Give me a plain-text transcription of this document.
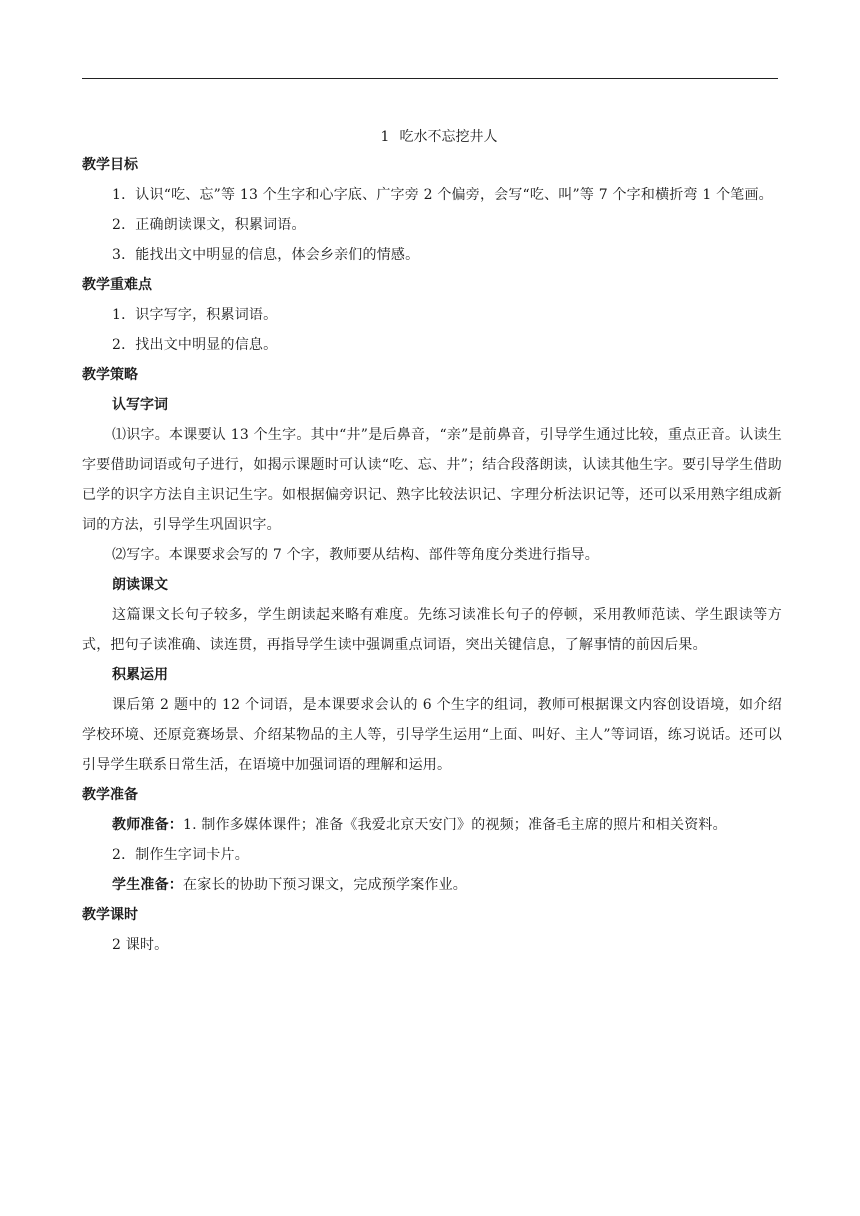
1 吃水不忘挖井人
教学目标

1．认识“吃、忘”等 13 个生字和心字底、广字旁 2 个偏旁，会写“吃、叫”等 7 个字和横折弯 1 个笔画。

2．正确朗读课文，积累词语。

3．能找出文中明显的信息，体会乡亲们的情感。

教学重难点

1．识字写字，积累词语。

2．找出文中明显的信息。

教学策略
认写字词

⑴识字。本课要认 13 个生字。其中“井”是后鼻音，“亲”是前鼻音，引导学生通过比较，重点正音。认读生字要借助词语或句子进行，如揭示课题时可认读“吃、忘、井”；结合段落朗读，认读其他生字。要引导学生借助已学的识字方法自主识记生字。如根据偏旁识记、熟字比较法识记、字理分析法识记等，还可以采用熟字组成新词的方法，引导学生巩固识字。

⑵写字。本课要求会写的 7 个字，教师要从结构、部件等角度分类进行指导。

朗读课文

这篇课文长句子较多，学生朗读起来略有难度。先练习读准长句子的停顿，采用教师范读、学生跟读等方式，把句子读准确、读连贯，再指导学生读中强调重点词语，突出关键信息，了解事情的前因后果。

积累运用

课后第 2 题中的 12 个词语，是本课要求会认的 6 个生字的组词，教师可根据课文内容创设语境，如介绍学校环境、还原竞赛场景、介绍某物品的主人等，引导学生运用“上面、叫好、主人”等词语，练习说话。还可以引导学生联系日常生活，在语境中加强词语的理解和运用。

教学准备

教师准备：1. 制作多媒体课件；准备《我爱北京天安门》的视频；准备毛主席的照片和相关资料。

2．制作生字词卡片。

学生准备：在家长的协助下预习课文，完成预学案作业。

教学课时

2 课时。
